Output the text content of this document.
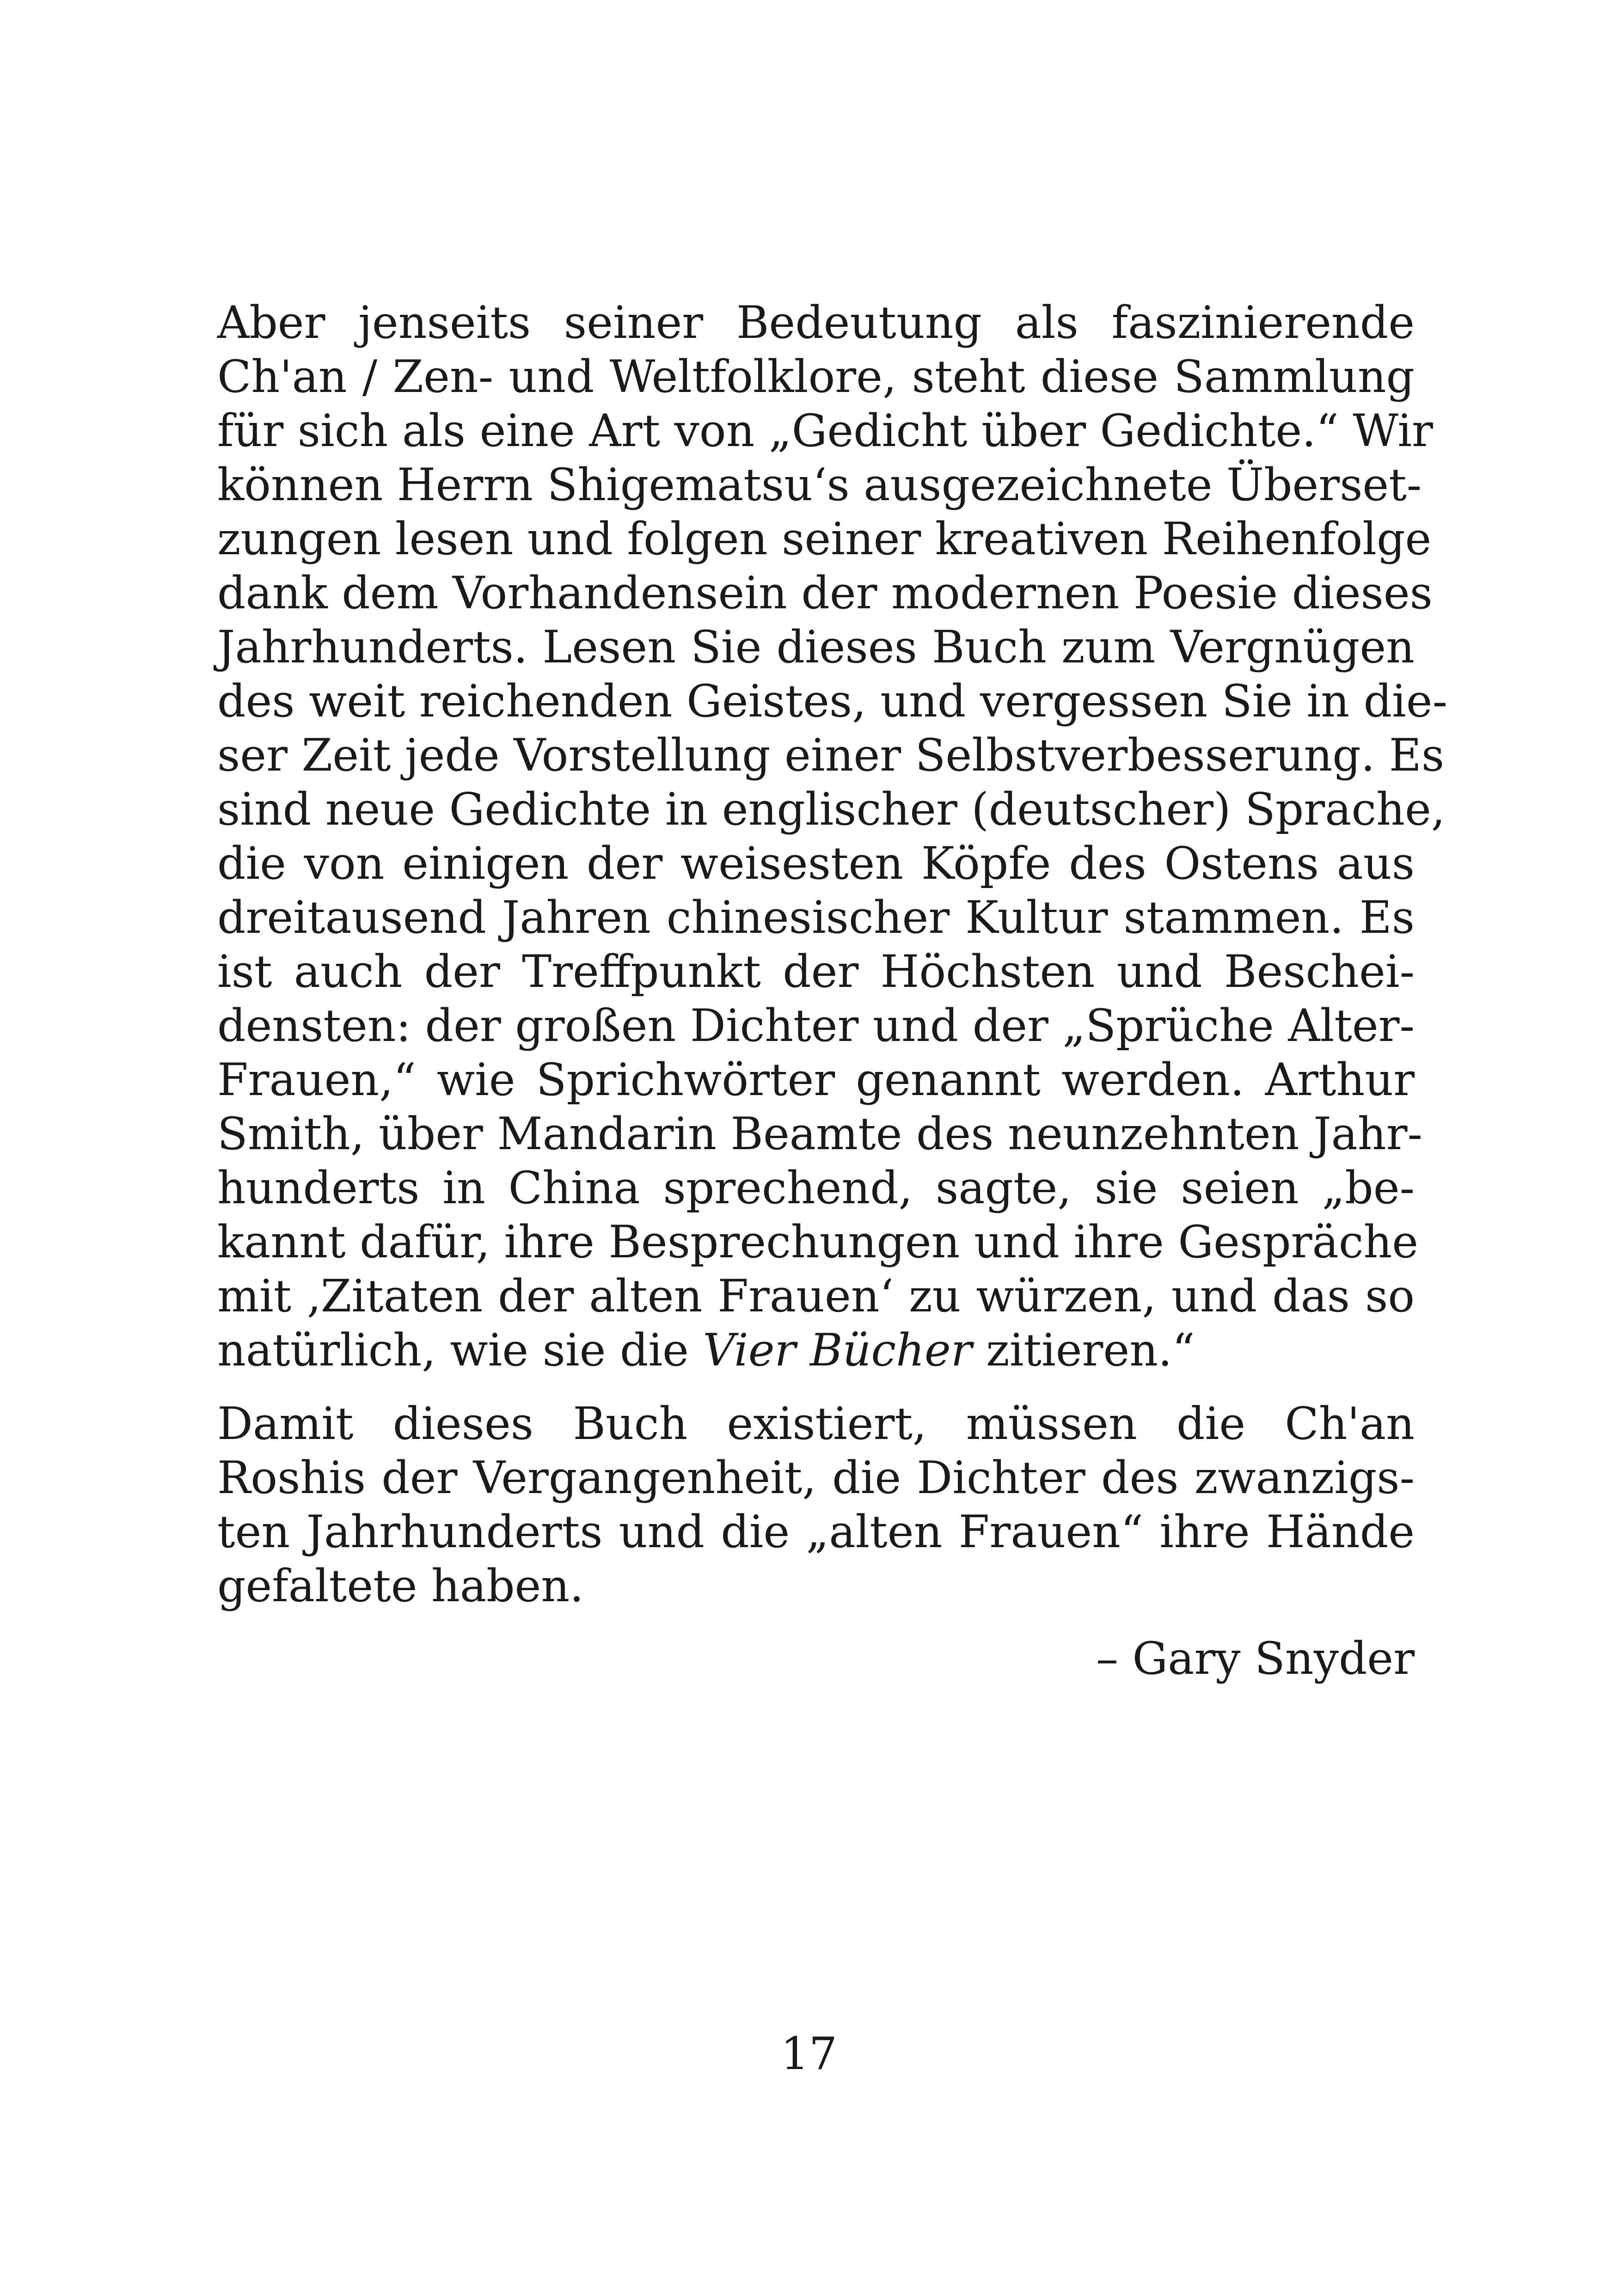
Aber jenseits seiner Bedeutung als faszinierende
Ch'an / Zen- und Weltfolklore, steht diese Sammlung
für sich als eine Art von „Gedicht über Gedichte.“ Wir
können Herrn Shigematsu‘s ausgezeichnete Überset-
zungen lesen und folgen seiner kreativen Reihenfolge
dank dem Vorhandensein der modernen Poesie dieses
Jahrhunderts. Lesen Sie dieses Buch zum Vergnügen
des weit reichenden Geistes, und vergessen Sie in die-
ser Zeit jede Vorstellung einer Selbstverbesserung. Es
sind neue Gedichte in englischer (deutscher) Sprache,
die von einigen der weisesten Köpfe des Ostens aus
dreitausend Jahren chinesischer Kultur stammen. Es
ist auch der Treffpunkt der Höchsten und Beschei-
densten: der großen Dichter und der „Sprüche Alter-
Frauen,“ wie Sprichwörter genannt werden. Arthur
Smith, über Mandarin Beamte des neunzehnten Jahr-
hunderts in China sprechend, sagte, sie seien „be-
kannt dafür, ihre Besprechungen und ihre Gespräche
mit ‚Zitaten der alten Frauen‘ zu würzen, und das so
natürlich, wie sie die Vier Bücher zitieren.“

Damit dieses Buch existiert, müssen die Ch'an
Roshis der Vergangenheit, die Dichter des zwanzigs-
ten Jahrhunderts und die „alten Frauen“ ihre Hände
gefaltete haben.

– Gary Snyder

17
